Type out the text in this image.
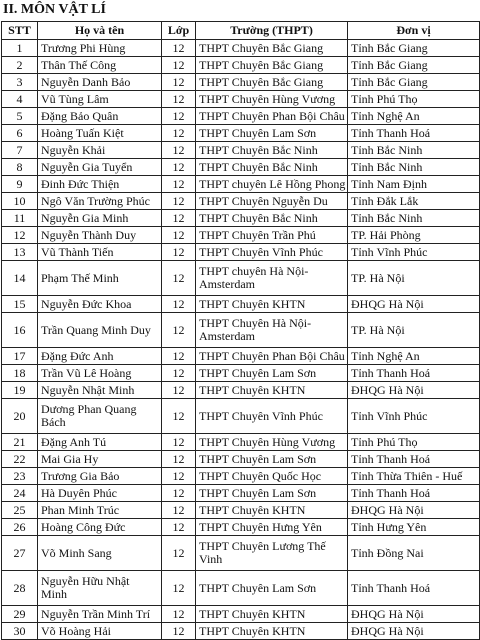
II. MÔN VẬT LÍ
STT	Họ và tên	Lớp	Trường (THPT)	Đơn vị
1	Trương Phi Hùng	12	THPT Chuyên Bắc Giang	Tỉnh Bắc Giang
2	Thân Thế Công	12	THPT Chuyên Bắc Giang	Tỉnh Bắc Giang
3	Nguyễn Danh Bảo	12	THPT Chuyên Bắc Giang	Tỉnh Bắc Giang
4	Vũ Tùng Lâm	12	THPT Chuyên Hùng Vương	Tỉnh Phú Thọ
5	Đặng Bảo Quân	12	THPT Chuyên Phan Bội Châu	Tỉnh Nghệ An
6	Hoàng Tuấn Kiệt	12	THPT Chuyên Lam Sơn	Tỉnh Thanh Hoá
7	Nguyễn Khải	12	THPT Chuyên Bắc Ninh	Tỉnh Bắc Ninh
8	Nguyễn Gia Tuyển	12	THPT Chuyên Bắc Ninh	Tỉnh Bắc Ninh
9	Đinh Đức Thiện	12	THPT chuyên Lê Hồng Phong	Tỉnh Nam Định
10	Ngô Văn Trường Phúc	12	THPT Chuyên Nguyễn Du	Tỉnh Đắk Lắk
11	Nguyễn Gia Minh	12	THPT Chuyên Bắc Ninh	Tỉnh Bắc Ninh
12	Nguyễn Thành Duy	12	THPT Chuyên Trần Phú	TP. Hải Phòng
13	Vũ Thành Tiến	12	THPT Chuyên Vĩnh Phúc	Tỉnh Vĩnh Phúc
14	Phạm Thế Minh	12	THPT chuyên Hà Nội-Amsterdam	TP. Hà Nội
15	Nguyễn Đức Khoa	12	THPT Chuyên KHTN	ĐHQG Hà Nội
16	Trần Quang Minh Duy	12	THPT Chuyên Hà Nội-Amsterdam	TP. Hà Nội
17	Đặng Đức Anh	12	THPT Chuyên Phan Bội Châu	Tỉnh Nghệ An
18	Trần Vũ Lê Hoàng	12	THPT Chuyên Lam Sơn	Tỉnh Thanh Hoá
19	Nguyễn Nhật Minh	12	THPT Chuyên KHTN	ĐHQG Hà Nội
20	Dương Phan Quang Bách	12	THPT Chuyên Vĩnh Phúc	Tỉnh Vĩnh Phúc
21	Đặng Anh Tú	12	THPT Chuyên Hùng Vương	Tỉnh Phú Thọ
22	Mai Gia Hy	12	THPT Chuyên Lam Sơn	Tỉnh Thanh Hoá
23	Trương Gia Bảo	12	THPT Chuyên Quốc Học	Tỉnh Thừa Thiên - Huế
24	Hà Duyên Phúc	12	THPT Chuyên Lam Sơn	Tỉnh Thanh Hoá
25	Phan Minh Trúc	12	THPT Chuyên KHTN	ĐHQG Hà Nội
26	Hoàng Công Đức	12	THPT Chuyên Hưng Yên	Tỉnh Hưng Yên
27	Võ Minh Sang	12	THPT Chuyên Lương Thế Vinh	Tỉnh Đồng Nai
28	Nguyễn Hữu Nhật Minh	12	THPT Chuyên Lam Sơn	Tỉnh Thanh Hoá
29	Nguyễn Trần Minh Trí	12	THPT Chuyên KHTN	ĐHQG Hà Nội
30	Võ Hoàng Hải	12	THPT Chuyên KHTN	ĐHQG Hà Nội
